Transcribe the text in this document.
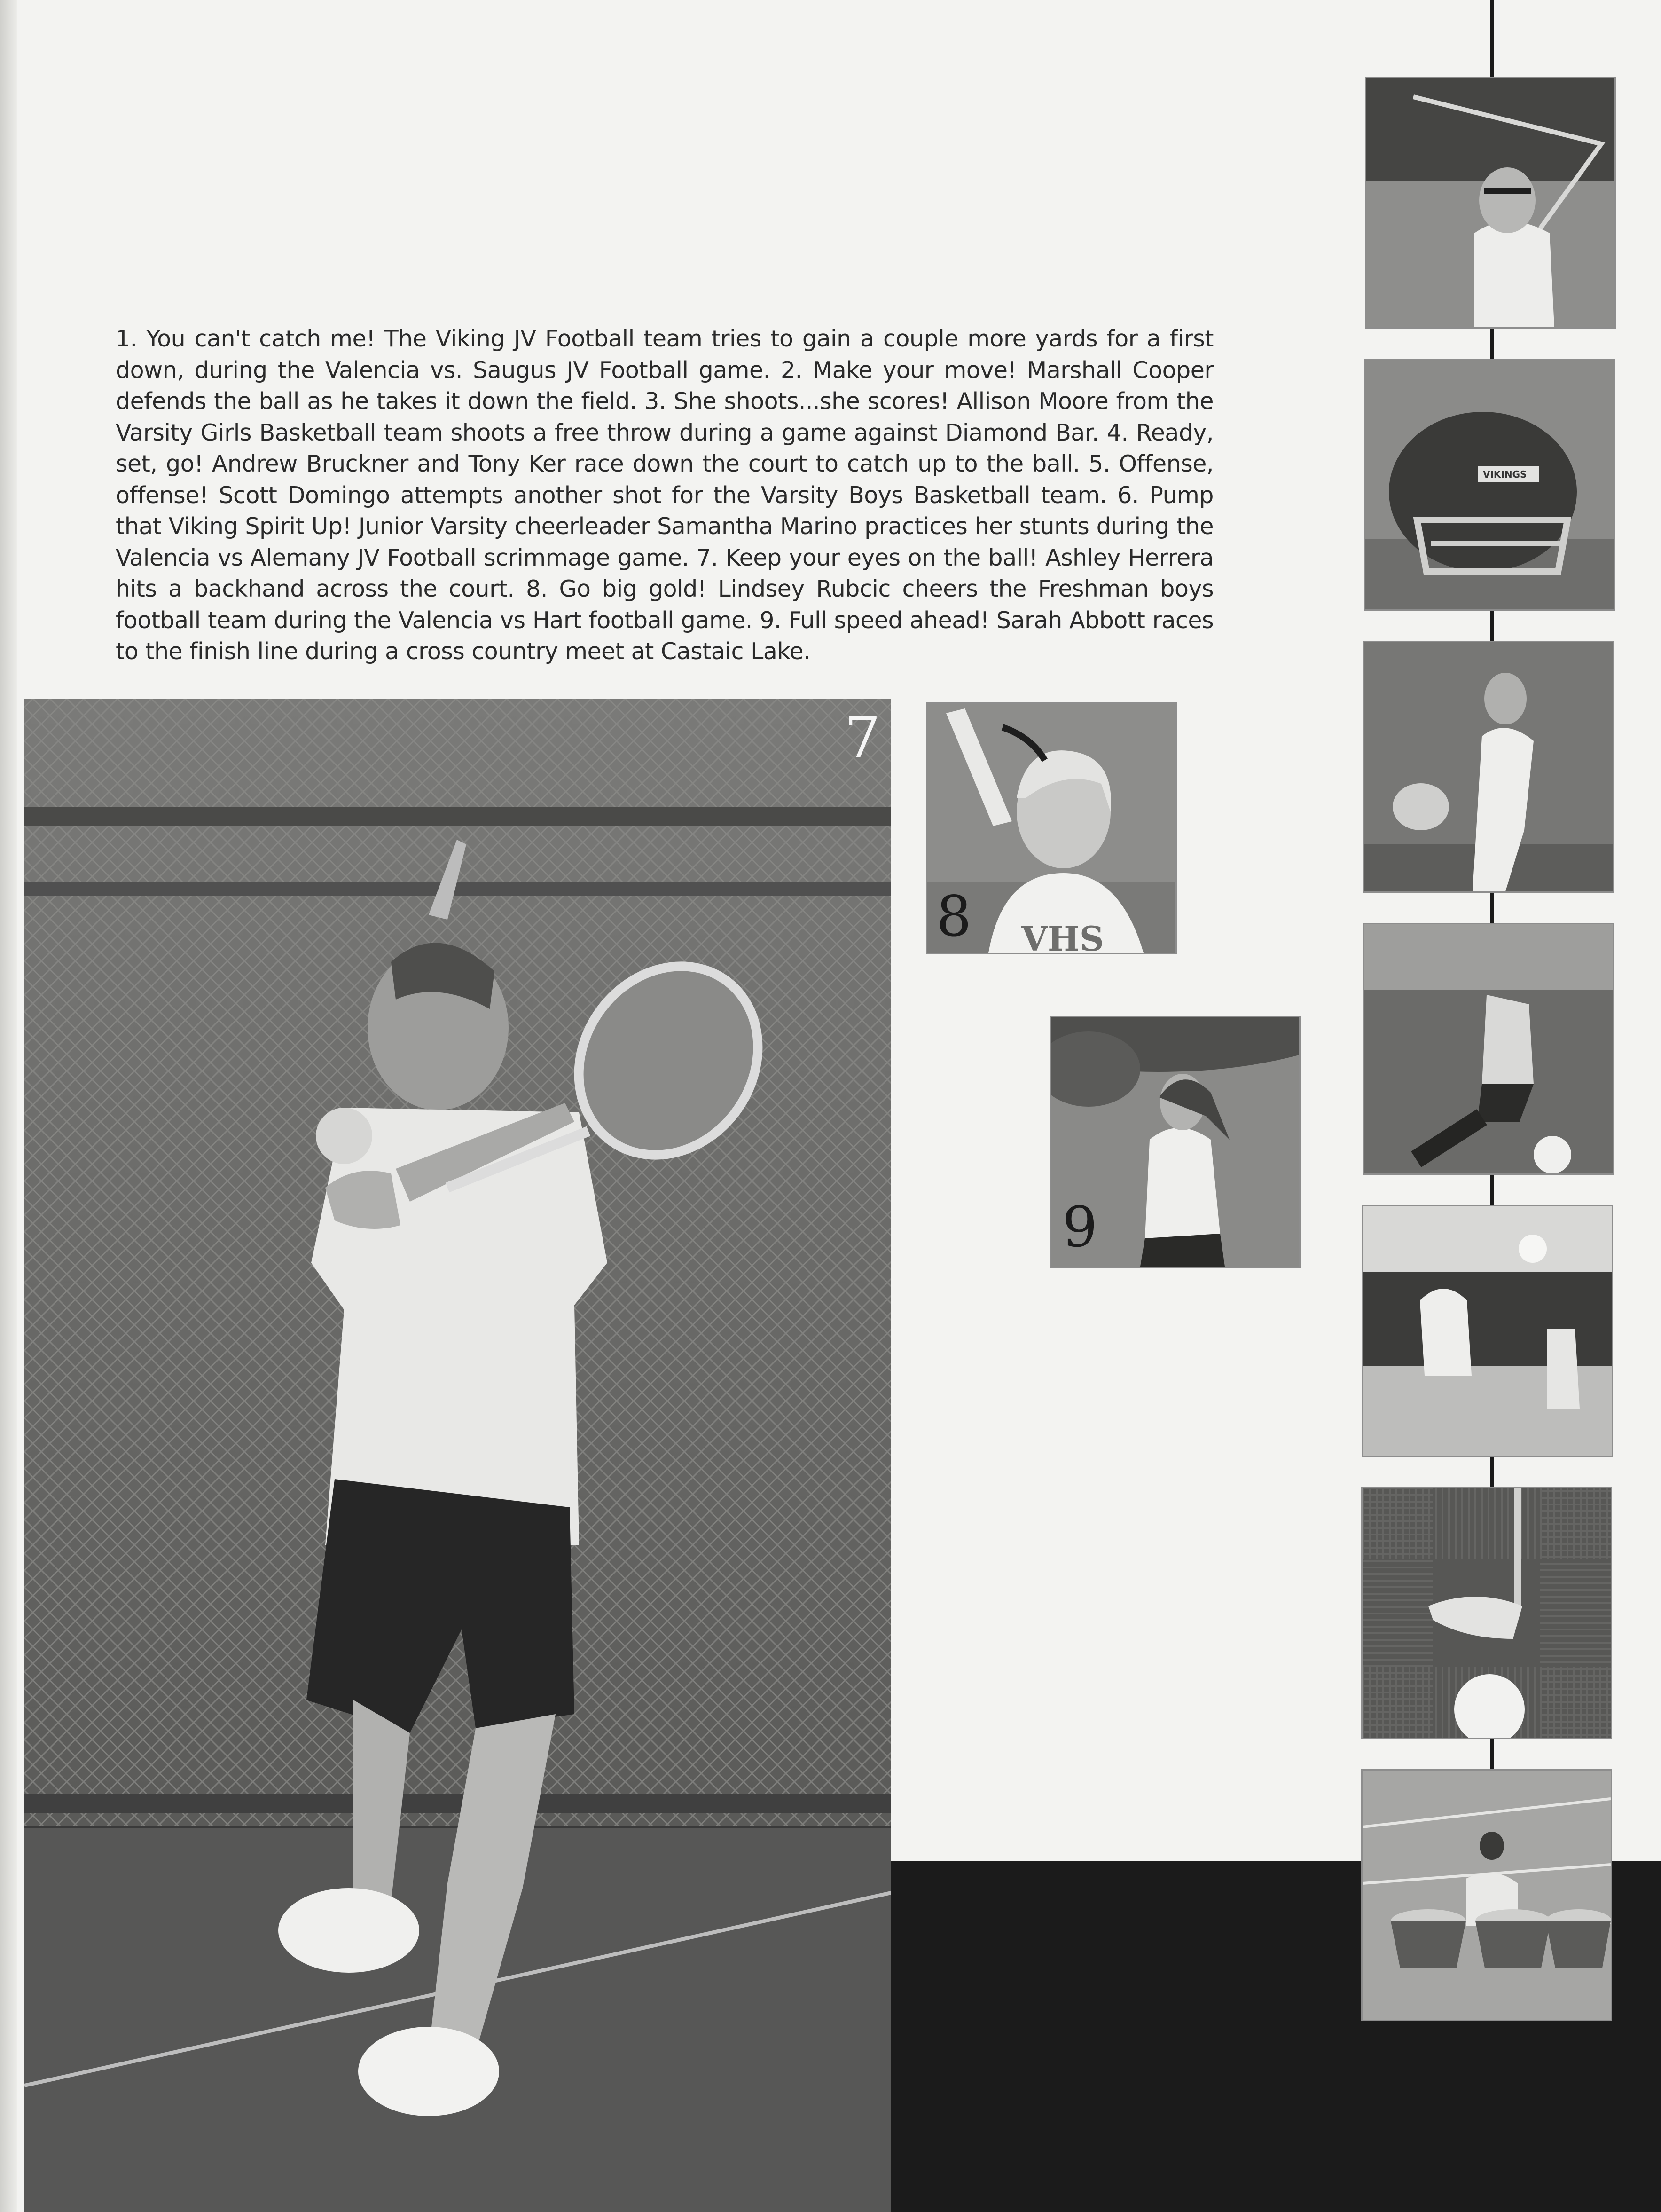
1. You can't catch me! The Viking JV Football team tries to gain a couple more yards for a first down, during the Valencia vs. Saugus JV Football game. 2. Make your move! Marshall Cooper defends the ball as he takes it down the field. 3. She shoots...she scores! Allison Moore from the Varsity Girls Basketball team shoots a free throw during a game against Diamond Bar. 4. Ready, set, go! Andrew Bruckner and Tony Ker race down the court to catch up to the ball. 5. Offense, offense! Scott Domingo attempts another shot for the Varsity Boys Basketball team. 6. Pump that Viking Spirit Up! Junior Varsity cheerleader Samantha Marino practices her stunts during the Valencia vs Alemany JV Football scrimmage game. 7. Keep your eyes on the ball! Ashley Herrera hits a backhand across the court. 8. Go big gold! Lindsey Rubcic cheers the Freshman boys football team during the Valencia vs Hart football game. 9. Full speed ahead! Sarah Abbott races to the finish line during a cross country meet at Castaic Lake.

7
VHS
8
9
VIKINGS
